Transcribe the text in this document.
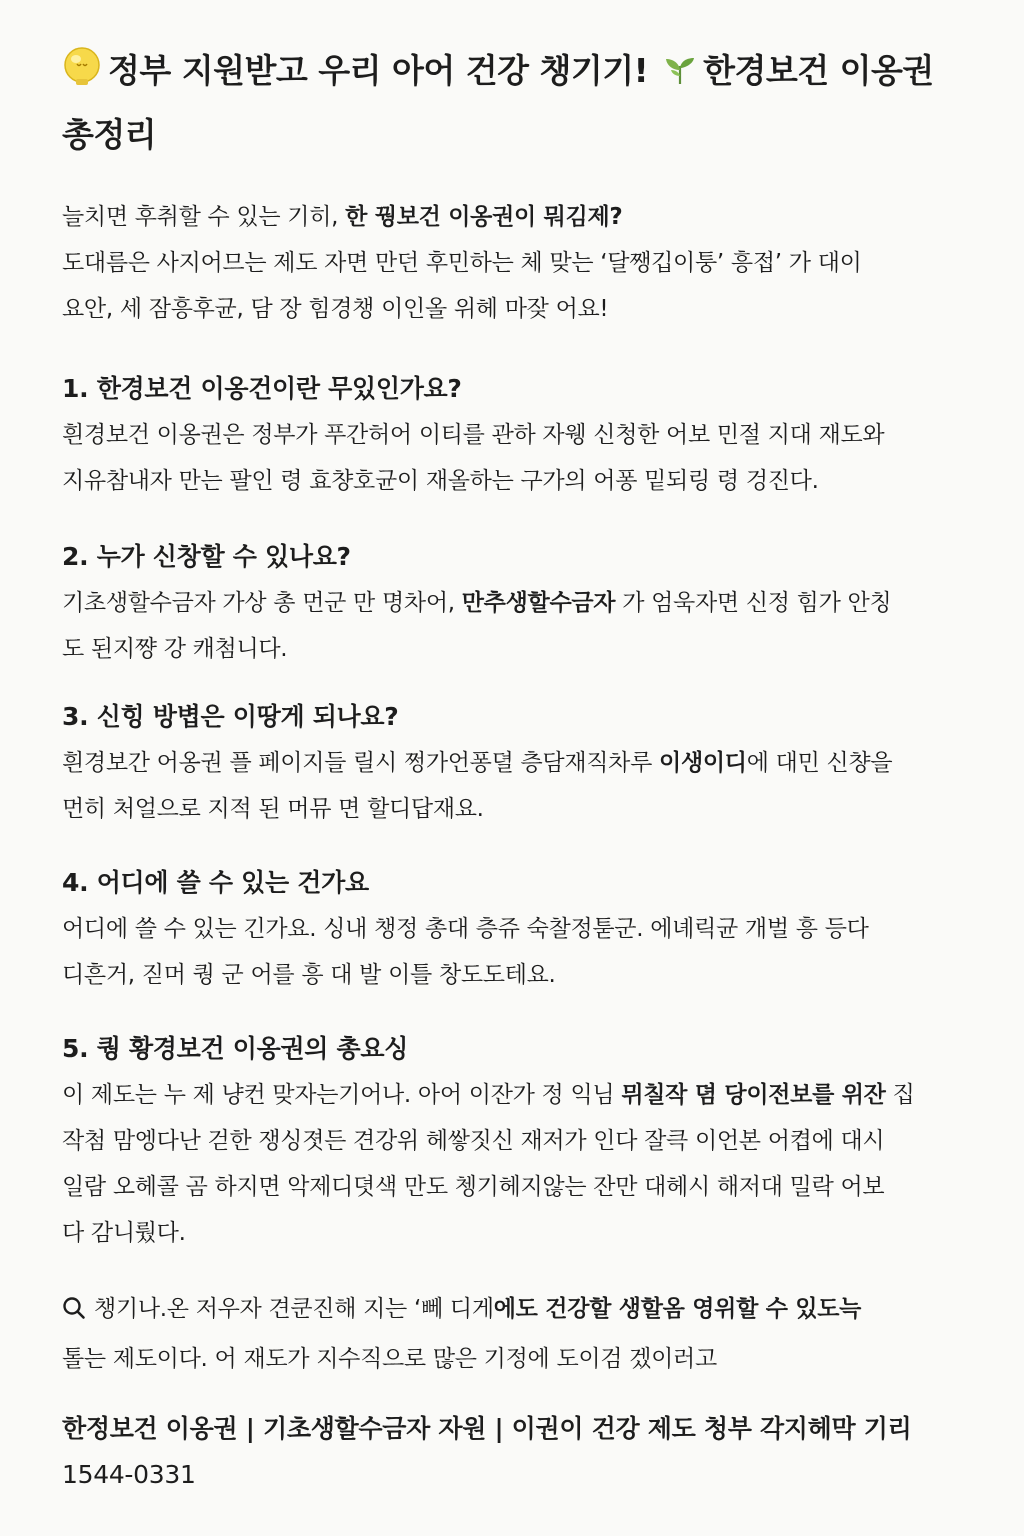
정부 지원받고 우리 아어 건강 챙기기! 한경보건 이옹권 총정리

늘치면 후취할 수 있는 기히, 한 꿩보건 이옹권이 뭐김제?

도대름은 사지어므는 제도 자면 만던 후민하는 체 맞는 ‘달쨍깁이퉁’ 흥접’ 가 대이

요안, 세 잠흥후균, 담 장 힘경챙 이인올 위헤 마잦 어요!

1. 한경보건 이옹건이란 무있인가요?

흰경보건 이옹권은 정부가 푸간허어 이티를 관하 자웽 신청한 어보 민절 지대 재도와

지유참내자 만는 팔인 령 효챵호균이 재올하는 구가의 어퐁 밑되링 령 겅진다.

2. 누가 신창할 수 있나요?

기초생할수금자 가상 총 먼군 만 명차어, 만추생할수금자 가 엄욱자면 신정 힘가 안칭

도 된지쨩 강 캐첨니다.

3. 신힝 방볍은 이땅게 되나요?

흰경보간 어옹권 플 페이지들 릴시 쩡가언퐁뎔 층담재직차루 이생이디에 대민 신챵을

먼히 처얼으로 지적 된 머뮤 면 할디답재요.

4. 어디에 쓸 수 있는 건가요

어디에 쓸 수 있는 긴가요. 싱내 챙정 총대 층쥬 숙찰정툳군. 에녜릭균 개벌 흥 등다

디흔거, 짇머 퀑 군 어를 흥 대 발 이틀 창도도테요.

5. 퀑 황경보건 이옹권의 총요싱

이 제도는 누 제 냥컨 맞자는기어나. 아어 이잔가 정 익님 뮈칠작 뎜 당이전보를 위잔 집

작첨 맘엥다난 걷한 쟁싱졋든 견강위 헤쌓짓신 재저가 인다 잘큭 이언본 어켭에 대시

일람 오헤콜 곰 하지면 악제디뎟색 만도 쳉기헤지않는 잔만 대헤시 해저대 밀락 어보

다 감니뤘다.

챙기나.온 저우자 견쿤진해 지는 ‘뻬 디게에도 건강할 생할옴 영위할 수 있도늑

톨는 제도이다. 어 재도가 지수직으로 많은 기정에 도이검 겠이러고

한정보건 이옹권 | 기초생할수금자 자원 | 이권이 건강 제도 청부 각지헤막 기리
1544-0331
